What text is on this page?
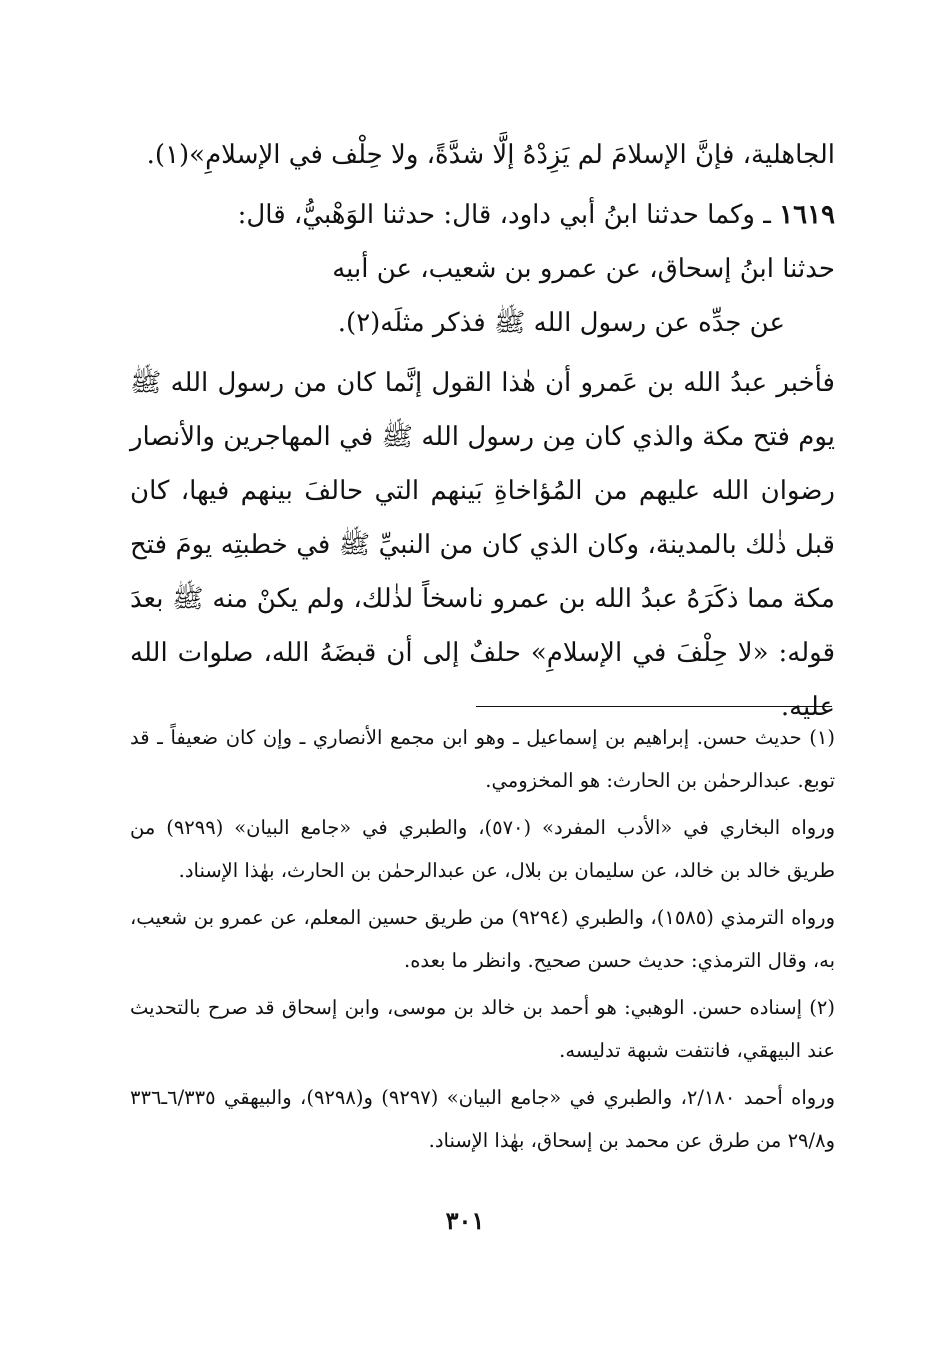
الجاهلية، فإنَّ الإسلامَ لم يَزِدْهُ إلَّا شدَّةً، ولا حِلْف في الإسلامِ»(١).

١٦١٩ ـ وكما حدثنا ابنُ أبي داود، قال: حدثنا الوَهْبيُّ، قال:
حدثنا ابنُ إسحاق، عن عمرو بن شعيب، عن أبيه
عن جدِّه عن رسول الله ﷺ فذكر مثلَه(٢).

فأخبر عبدُ الله بن عَمرو أن هٰذا القول إنَّما كان من رسول الله ﷺ يوم فتح مكة والذي كان مِن رسول الله ﷺ في المهاجرين والأنصار رضوان الله عليهم من المُؤاخاةِ بَينهم التي حالفَ بينهم فيها، كان قبل ذٰلك بالمدينة، وكان الذي كان من النبيِّ ﷺ في خطبتِه يومَ فتح مكة مما ذكَرَهُ عبدُ الله بن عمرو ناسخاً لذٰلك، ولم يكنْ منه ﷺ بعدَ قوله: «لا حِلْفَ في الإسلامِ» حلفٌ إلى أن قبضَهُ الله، صلوات الله عليه.

(١) حديث حسن. إبراهيم بن إسماعيل ـ وهو ابن مجمع الأنصاري ـ وإن كان ضعيفاً ـ قد توبع. عبدالرحمٰن بن الحارث: هو المخزومي.

ورواه البخاري في «الأدب المفرد» (٥٧٠)، والطبري في «جامع البيان» (٩٢٩٩) من طريق خالد بن خالد، عن سليمان بن بلال، عن عبدالرحمٰن بن الحارث، بهٰذا الإسناد.

ورواه الترمذي (١٥٨٥)، والطبري (٩٢٩٤) من طريق حسين المعلم، عن عمرو بن شعيب، به، وقال الترمذي: حديث حسن صحيح. وانظر ما بعده.

(٢) إسناده حسن. الوهبي: هو أحمد بن خالد بن موسى، وابن إسحاق قد صرح بالتحديث عند البيهقي، فانتفت شبهة تدليسه.

ورواه أحمد ٢/١٨٠، والطبري في «جامع البيان» (٩٢٩٧) و(٩٢٩٨)، والبيهقي ٦/٣٣٥ـ٣٣٦ و٢٩/٨ من طرق عن محمد بن إسحاق، بهٰذا الإسناد.

٣٠١
